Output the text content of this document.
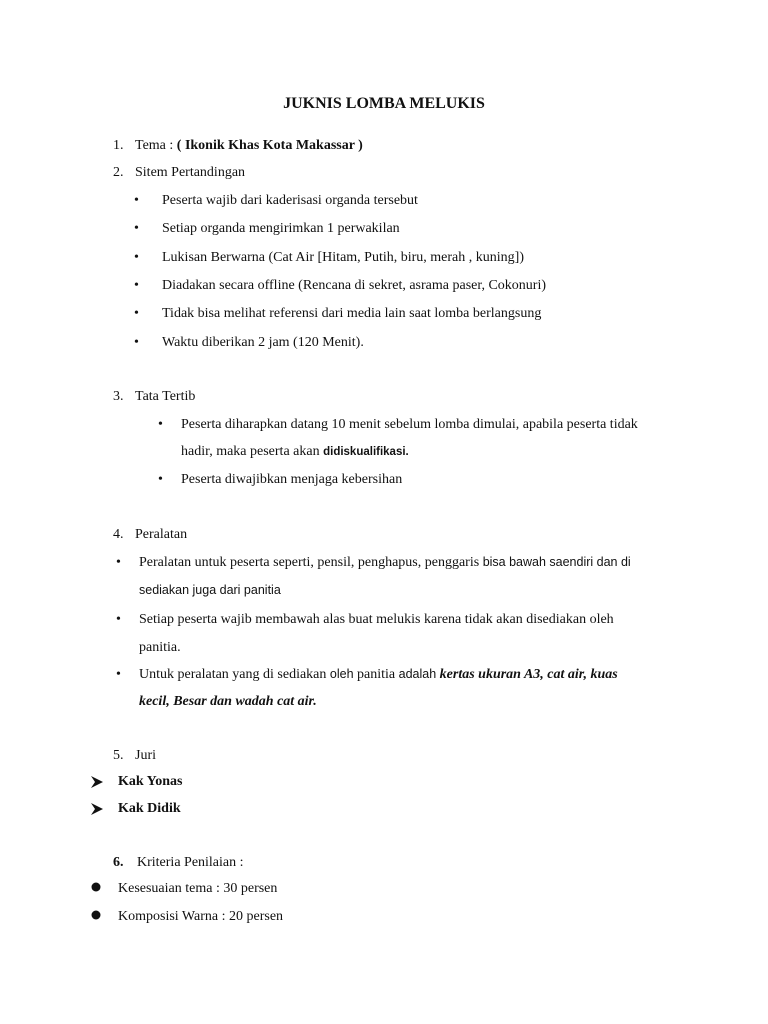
JUKNIS LOMBA MELUKIS
1. Tema : ( Ikonik Khas Kota Makassar )
2. Sitem Pertandingan
• Peserta wajib dari kaderisasi organda tersebut
• Setiap organda mengirimkan 1 perwakilan
• Lukisan Berwarna (Cat Air [Hitam, Putih, biru, merah , kuning])
• Diadakan secara offline (Rencana di sekret, asrama paser, Cokonuri)
• Tidak bisa melihat referensi dari media lain saat lomba berlangsung
• Waktu diberikan 2 jam (120 Menit).
3. Tata Tertib
• Peserta diharapkan datang 10 menit sebelum lomba dimulai, apabila peserta tidak
hadir, maka peserta akan didiskualifikasi.
• Peserta diwajibkan menjaga kebersihan
4. Peralatan
• Peralatan untuk peserta seperti, pensil, penghapus, penggaris bisa bawah saendiri dan di
sediakan juga dari panitia
• Setiap peserta wajib membawah alas buat melukis karena tidak akan disediakan oleh
panitia.
• Untuk peralatan yang di sediakan oleh panitia adalah kertas ukuran A3, cat air, kuas
kecil, Besar dan wadah cat air.
5. Juri
Kak Yonas
Kak Didik
6. Kriteria Penilaian :
Kesesuaian tema : 30 persen
Komposisi Warna : 20 persen
